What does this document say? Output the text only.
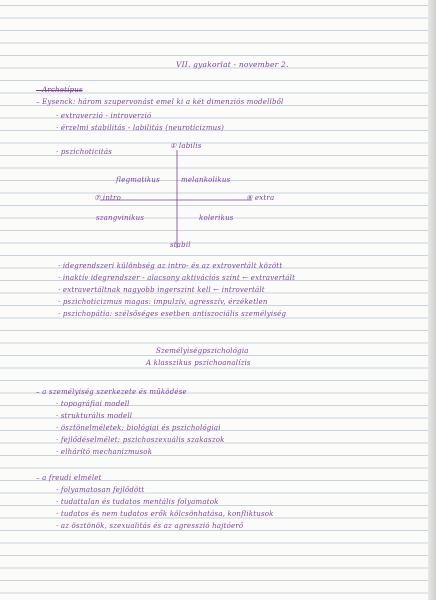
VII. gyakorlat - november 2.
– Archetípus
– Eysenck: három szupervonást emel ki a két dimenziós modellből
· extraverzió - introverzió
· érzelmi stabilitás - labilitás (neuroticizmus)
· pszichoticitás
① labilis
stabil
⑦ intro	⑨ extra
flegmatikus	melankolikus
szangvinikus	kolerikus
· idegrendszeri különbség az intro- és az extrovertált között
· inaktív idegrendszer - alacsony aktivációs szint ← extravertált
· extravertáltnak nagyobb ingerszint kell ← introvertált
· pszichoticizmus magas: impulzív, agresszív, érzéketlen
· pszichopátia: szélsőséges esetben antiszociális személyiség
Személyiségpszichológia
A klasszikus pszichoanalízis
– a személyiség szerkezete és működése
· topográfiai modell
· strukturális modell
· ösztönelméletek: biológiai és pszichológiai
· fejlődéselmélet: pszichoszexuális szakaszok
· elhárító mechanizmusok
– a freudi elmélet
· folyamatosan fejlődött
· tudattalan és tudatos mentális folyamatok
· tudatos és nem tudatos erők kölcsönhatása, konfliktusok
· az ösztönök, szexualitás és az agresszió hajtóerő
